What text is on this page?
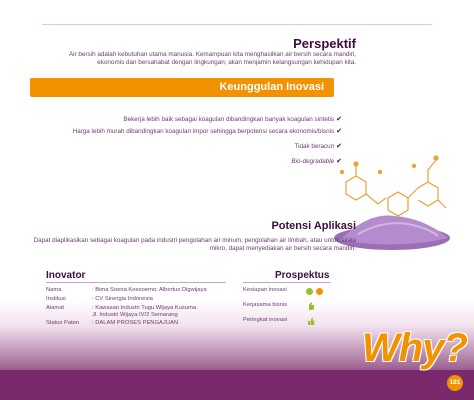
Perspektif
Air bersih adalah kebutuhan utama manusia. Kemampuan kita menghasilkan air bersih secara mandiri, ekonomis dan bersahabat dengan lingkungan; akan menjamin kelangsungan kehidupan kita.
Keunggulan Inovasi
Bekerja lebih baik sebagai koagulan dibandingkan banyak koagulan sintetis ✔
Harga lebih murah dibandingkan koagulan impor sehingga berpotensi secara ekonomis/bisnis ✔
Tidak beracun ✔
Bio-degradable ✔
Potensi Aplikasi
Dapat diaplikasikan sebagai koagulan pada industri pengolahan air minum, pengolahan air limbah, atau untuk skala mikro, dapat menyediakan air bersih secara mandiri.
Inovator
Nama	: Bima Soeria Koesoemo; Albertus Digwijaya
Institusi	: CV Sinergia Indonesia
Alamat	: Kawasan Industri Tugu Wijaya Kusuma
Jl. Industri Wijaya IV/2 Semarang
Status Paten : DALAM PROSES PENGAJUAN
Prospektus
Kesiapan inovasi
Kerjasama bisnis
Peringkat inovasi
Why?
181
